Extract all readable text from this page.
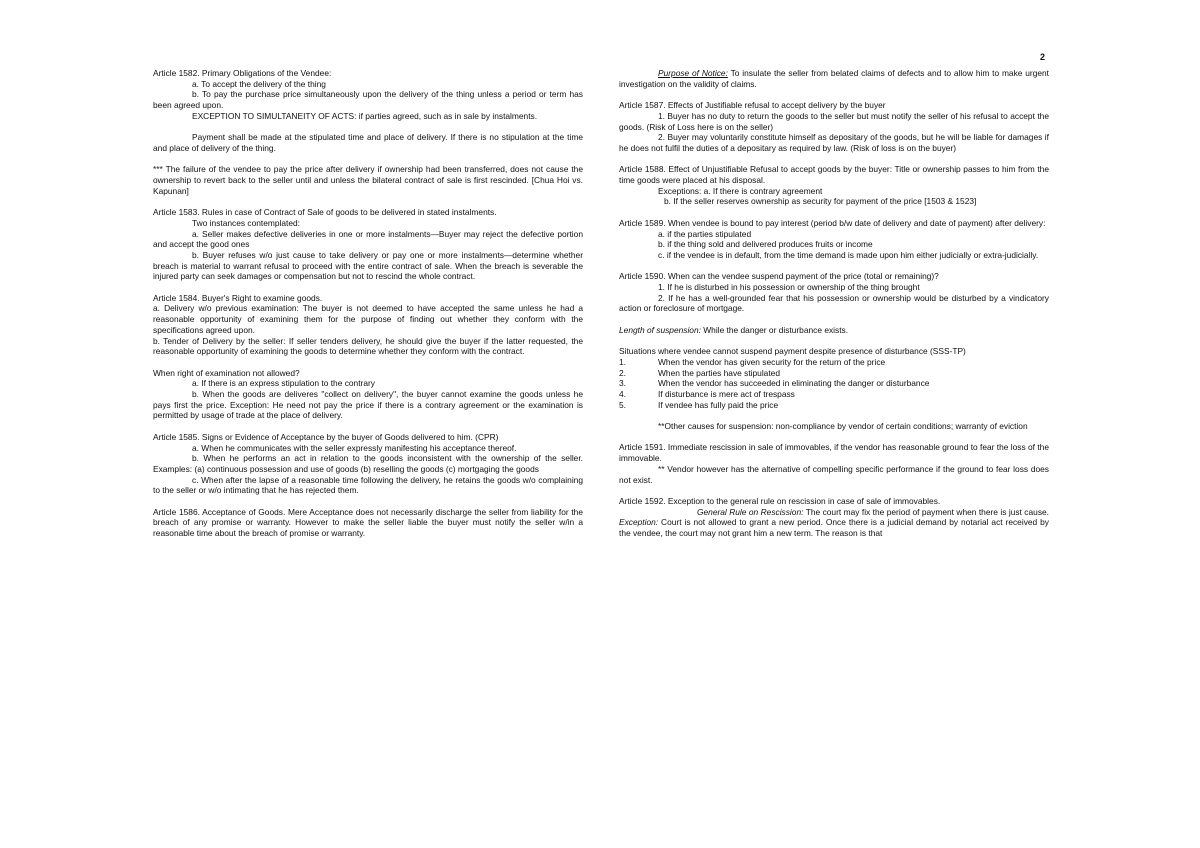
2

Article 1582. Primary Obligations of the Vendee:

a. To accept the delivery of the thing

b. To pay the purchase price simultaneously upon the delivery of the thing unless a period or term has been agreed upon.

EXCEPTION TO SIMULTANEITY OF ACTS: if parties agreed, such as in sale by instalments.

Payment shall be made at the stipulated time and place of delivery. If there is no stipulation at the time and place of delivery of the thing.

*** The failure of the vendee to pay the price after delivery if ownership had been transferred, does not cause the ownership to revert back to the seller until and unless the bilateral contract of sale is first rescinded. [Chua Hoi vs. Kapunan]

Article 1583. Rules in case of Contract of Sale of goods to be delivered in stated instalments.

Two instances contemplated:

a. Seller makes defective deliveries in one or more instalments—Buyer may reject the defective portion and accept the good ones

b. Buyer refuses w/o just cause to take delivery or pay one or more instalments—determine whether breach is material to warrant refusal to proceed with the entire contract of sale. When the breach is severable the injured party can seek damages or compensation but not to rescind the whole contract.

Article 1584. Buyer's Right to examine goods.

a. Delivery w/o previous examination: The buyer is not deemed to have accepted the same unless he had a reasonable opportunity of examining them for the purpose of finding out whether they conform with the specifications agreed upon.

b. Tender of Delivery by the seller: If seller tenders delivery, he should give the buyer if the latter requested, the reasonable opportunity of examining the goods to determine whether they conform with the contract.

When right of examination not allowed?

a. If there is an express stipulation to the contrary

b. When the goods are deliveres "collect on delivery", the buyer cannot examine the goods unless he pays first the price. Exception: He need not pay the price if there is a contrary agreement or the examination is permitted by usage of trade at the place of delivery.

Article 1585. Signs or Evidence of Acceptance by the buyer of Goods delivered to him. (CPR)

a. When he communicates with the seller expressly manifesting his acceptance thereof.

b. When he performs an act in relation to the goods inconsistent with the ownership of the seller. Examples: (a) continuous possession and use of goods (b) reselling the goods (c) mortgaging the goods

c. When after the lapse of a reasonable time following the delivery, he retains the goods w/o complaining to the seller or w/o intimating that he has rejected them.

Article 1586. Acceptance of Goods. Mere Acceptance does not necessarily discharge the seller from liability for the breach of any promise or warranty. However to make the seller liable the buyer must notify the seller w/in a reasonable time about the breach of promise or warranty.

Purpose of Notice: To insulate the seller from belated claims of defects and to allow him to make urgent investigation on the validity of claims.

Article 1587. Effects of Justifiable refusal to accept delivery by the buyer

1. Buyer has no duty to return the goods to the seller but must notify the seller of his refusal to accept the goods. (Risk of Loss here is on the seller)

2. Buyer may voluntarily constitute himself as depositary of the goods, but he will be liable for damages if he does not fulfil the duties of a depositary as required by law. (Risk of loss is on the buyer)

Article 1588. Effect of Unjustifiable Refusal to accept goods by the buyer: Title or ownership passes to him from the time goods were placed at his disposal.

Exceptions: a. If there is contrary agreement

b. If the seller reserves ownership as security for payment of the price [1503 & 1523]

Article 1589. When vendee is bound to pay interest (period b/w date of delivery and date of payment) after delivery:

a. if the parties stipulated

b. if the thing sold and delivered produces fruits or income

c. if the vendee is in default, from the time demand is made upon him either judicially or extra-judicially.

Article 1590. When can the vendee suspend payment of the price (total or remaining)?

1. If he is disturbed in his possession or ownership of the thing brought

2. If he has a well-grounded fear that his possession or ownership would be disturbed by a vindicatory action or foreclosure of mortgage.

Length of suspension: While the danger or disturbance exists.

Situations where vendee cannot suspend payment despite presence of disturbance (SSS-TP)

1.	When the vendor has given security for the return of the price
2.	When the parties have stipulated
3.	When the vendor has succeeded in eliminating the danger or disturbance
4.	If disturbance is mere act of trespass
5.	If vendee has fully paid the price

**Other causes for suspension: non-compliance by vendor of certain conditions; warranty of eviction

Article 1591. Immediate rescission in sale of immovables, if the vendor has reasonable ground to fear the loss of the immovable.

** Vendor however has the alternative of compelling specific performance if the ground to fear loss does not exist.

Article 1592. Exception to the general rule on rescission in case of sale of immovables.

General Rule on Rescission: The court may fix the period of payment when there is just cause. Exception: Court is not allowed to grant a new period. Once there is a judicial demand by notarial act received by the vendee, the court may not grant him a new term. The reason is that
